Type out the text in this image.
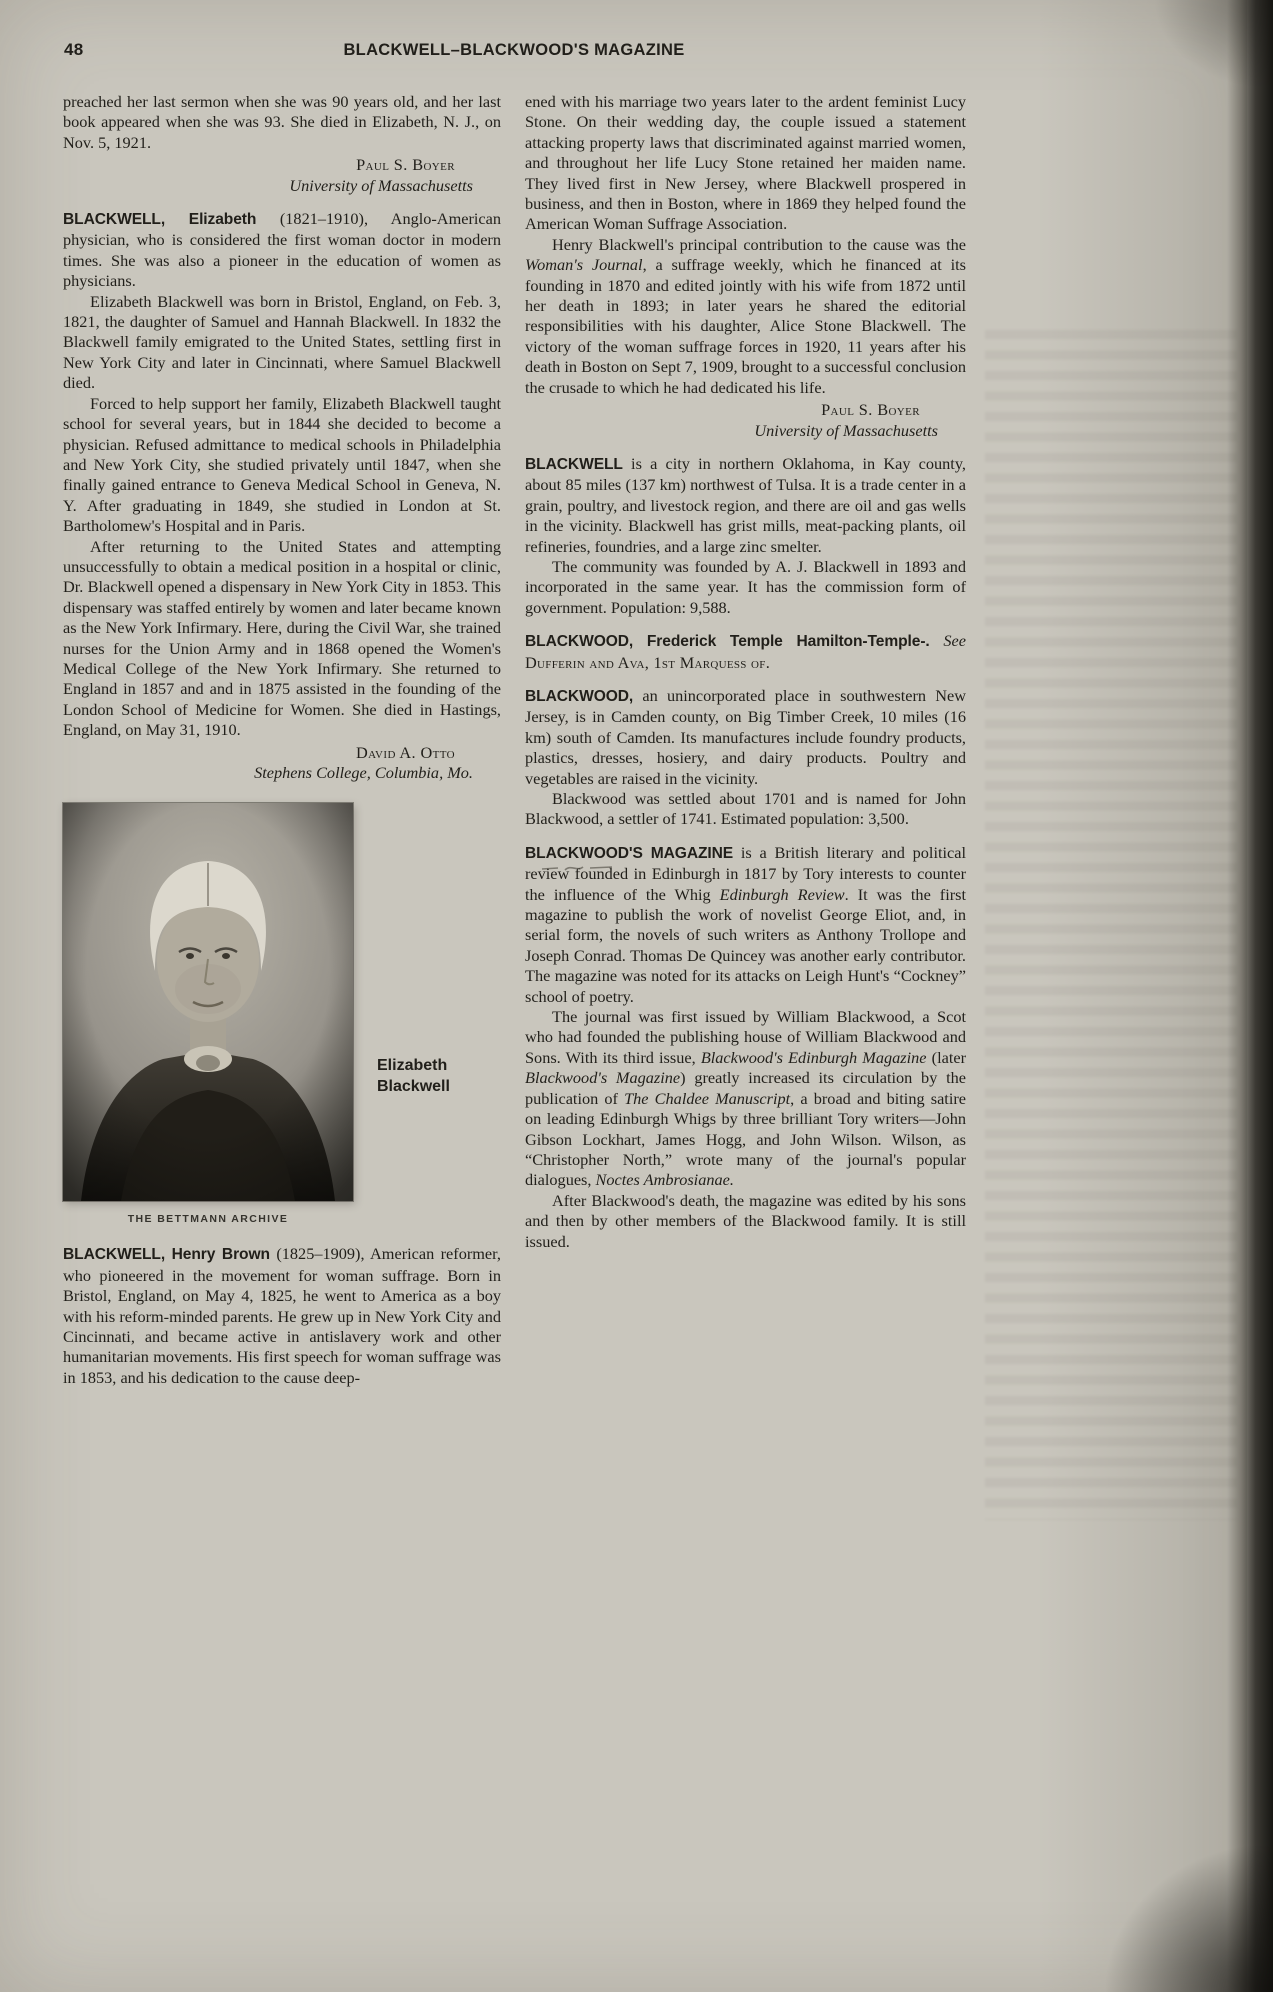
48	BLACKWELL–BLACKWOOD'S MAGAZINE

preached her last sermon when she was 90 years old, and her last book appeared when she was 93. She died in Elizabeth, N. J., on Nov. 5, 1921.

Paul S. Boyer
University of Massachusetts

BLACKWELL, Elizabeth (1821–1910), Anglo-American physician, who is considered the first woman doctor in modern times. She was also a pioneer in the education of women as physicians.

Elizabeth Blackwell was born in Bristol, England, on Feb. 3, 1821, the daughter of Samuel and Hannah Blackwell. In 1832 the Blackwell family emigrated to the United States, settling first in New York City and later in Cincinnati, where Samuel Blackwell died.

Forced to help support her family, Elizabeth Blackwell taught school for several years, but in 1844 she decided to become a physician. Refused admittance to medical schools in Philadelphia and New York City, she studied privately until 1847, when she finally gained entrance to Geneva Medical School in Geneva, N. Y. After graduating in 1849, she studied in London at St. Bartholomew's Hospital and in Paris.

After returning to the United States and attempting unsuccessfully to obtain a medical position in a hospital or clinic, Dr. Blackwell opened a dispensary in New York City in 1853. This dispensary was staffed entirely by women and later became known as the New York Infirmary. Here, during the Civil War, she trained nurses for the Union Army and in 1868 opened the Women's Medical College of the New York Infirmary. She returned to England in 1857 and and in 1875 assisted in the founding of the London School of Medicine for Women. She died in Hastings, England, on May 31, 1910.

David A. Otto
Stephens College, Columbia, Mo.
Elizabeth Blackwell
THE BETTMANN ARCHIVE

BLACKWELL, Henry Brown (1825–1909), American reformer, who pioneered in the movement for woman suffrage. Born in Bristol, England, on May 4, 1825, he went to America as a boy with his reform-minded parents. He grew up in New York City and Cincinnati, and became active in antislavery work and other humanitarian movements. His first speech for woman suffrage was in 1853, and his dedication to the cause deep-

ened with his marriage two years later to the ardent feminist Lucy Stone. On their wedding day, the couple issued a statement attacking property laws that discriminated against married women, and throughout her life Lucy Stone retained her maiden name. They lived first in New Jersey, where Blackwell prospered in business, and then in Boston, where in 1869 they helped found the American Woman Suffrage Association.

Henry Blackwell's principal contribution to the cause was the Woman's Journal, a suffrage weekly, which he financed at its founding in 1870 and edited jointly with his wife from 1872 until her death in 1893; in later years he shared the editorial responsibilities with his daughter, Alice Stone Blackwell. The victory of the woman suffrage forces in 1920, 11 years after his death in Boston on Sept 7, 1909, brought to a successful conclusion the crusade to which he had dedicated his life.

Paul S. Boyer
University of Massachusetts

BLACKWELL is a city in northern Oklahoma, in Kay county, about 85 miles (137 km) northwest of Tulsa. It is a trade center in a grain, poultry, and livestock region, and there are oil and gas wells in the vicinity. Blackwell has grist mills, meat-packing plants, oil refineries, foundries, and a large zinc smelter.

The community was founded by A. J. Blackwell in 1893 and incorporated in the same year. It has the commission form of government. Population: 9,588.

BLACKWOOD, Frederick Temple Hamilton-Temple-. See Dufferin and Ava, 1st Marquess of.

BLACKWOOD, an unincorporated place in southwestern New Jersey, is in Camden county, on Big Timber Creek, 10 miles (16 km) south of Camden. Its manufactures include foundry products, plastics, dresses, hosiery, and dairy products. Poultry and vegetables are raised in the vicinity.

Blackwood was settled about 1701 and is named for John Blackwood, a settler of 1741. Estimated population: 3,500.

BLACKWOOD'S MAGAZINE is a British literary and political review founded in Edinburgh in 1817 by Tory interests to counter the influence of the Whig Edinburgh Review. It was the first magazine to publish the work of novelist George Eliot, and, in serial form, the novels of such writers as Anthony Trollope and Joseph Conrad. Thomas De Quincey was another early contributor. The magazine was noted for its attacks on Leigh Hunt's “Cockney” school of poetry.

The journal was first issued by William Blackwood, a Scot who had founded the publishing house of William Blackwood and Sons. With its third issue, Blackwood's Edinburgh Magazine (later Blackwood's Magazine) greatly increased its circulation by the publication of The Chaldee Manuscript, a broad and biting satire on leading Edinburgh Whigs by three brilliant Tory writers—John Gibson Lockhart, James Hogg, and John Wilson. Wilson, as “Christopher North,” wrote many of the journal's popular dialogues, Noctes Ambrosianae.

After Blackwood's death, the magazine was edited by his sons and then by other members of the Blackwood family. It is still issued.
